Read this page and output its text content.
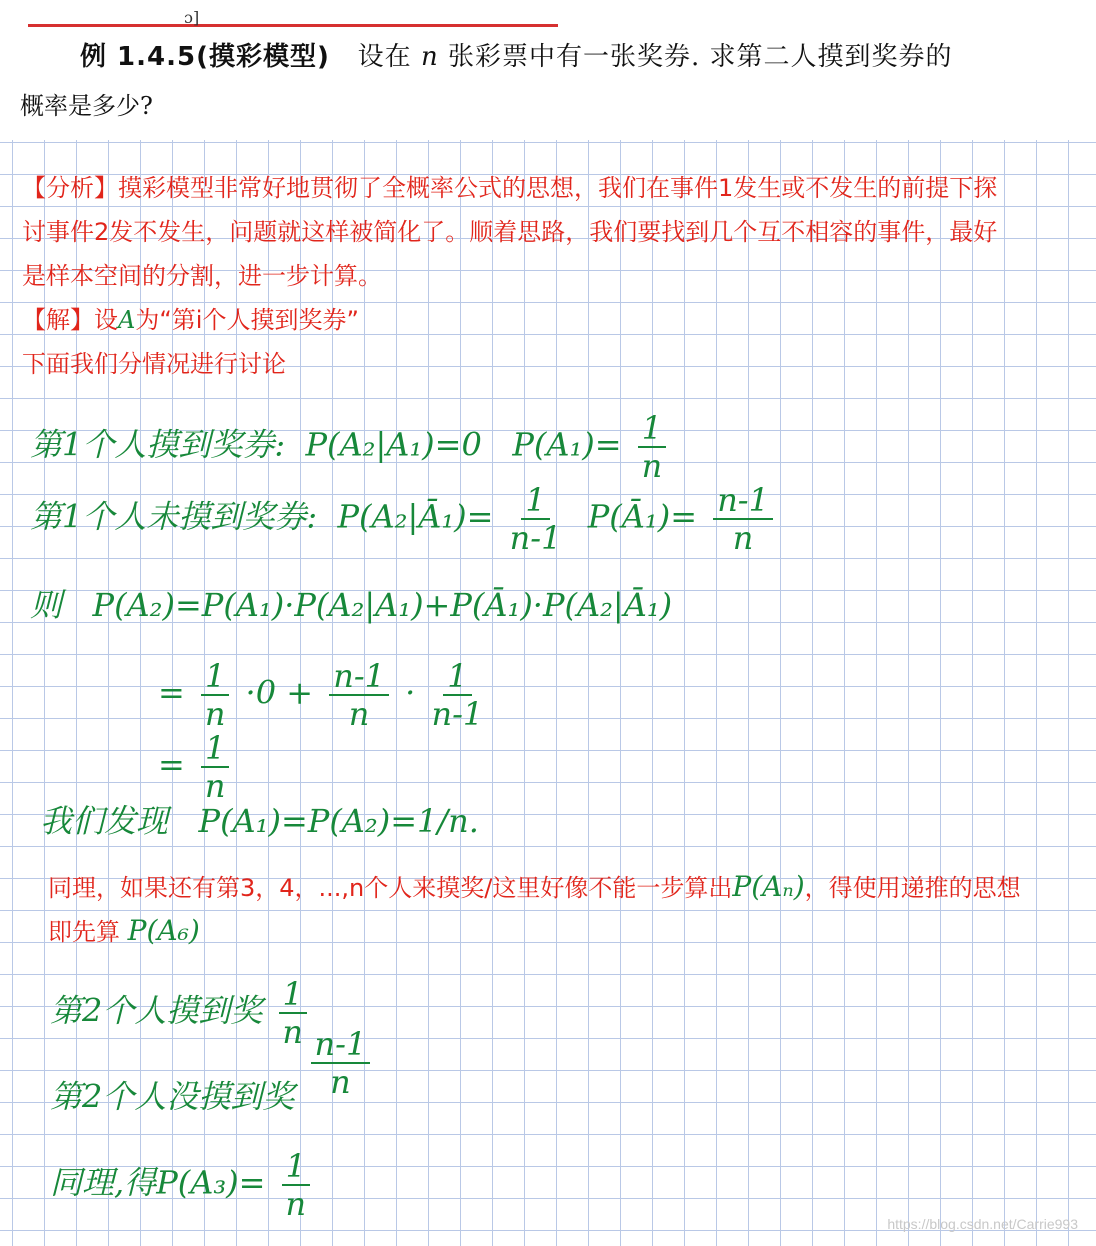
ɔ]
例 1.4.5(摸彩模型) 设在 n 张彩票中有一张奖券. 求第二人摸到奖券的
概率是多少?
【分析】摸彩模型非常好地贯彻了全概率公式的思想，我们在事件1发生或不发生的前提下探
讨事件2发不发生，问题就这样被简化了。顺着思路，我们要找到几个互不相容的事件，最好
是样本空间的分割，进一步计算。
【解】设A为“第i个人摸到奖券”
下面我们分情况进行讨论
第1个人摸到奖券: P(A₂|A₁)=0 $P(A_1)= \frac{1}{n}$
第1个人未摸到奖券: P(A₂|Ā₁)= $\frac{1}{n-1}$ P(Ā₁)= $\frac{n-1}{n}$
则 P(A₂)=P(A₁)·P(A₂|A₁)+P(Ā₁)·P(A₂|Ā₁)
= $\frac{1}{n} \cdot 0 + \frac{n-1}{n} \cdot \frac{1}{n-1}$
= $\frac{1}{n}$
我们发现 P(A₁)=P(A₂)=1/n.
同理，如果还有第3，4，...,n个人来摸奖/这里好像不能一步算出P(Aₙ)，得使用递推的思想
即先算 P(A₆)
第2个人摸到奖 $\frac{1}{n}$
第2个人没摸到奖 $\frac{n-1}{n}$
同理,得$P(A_3)= \frac{1}{n}$
https://blog.csdn.net/Carrie993
